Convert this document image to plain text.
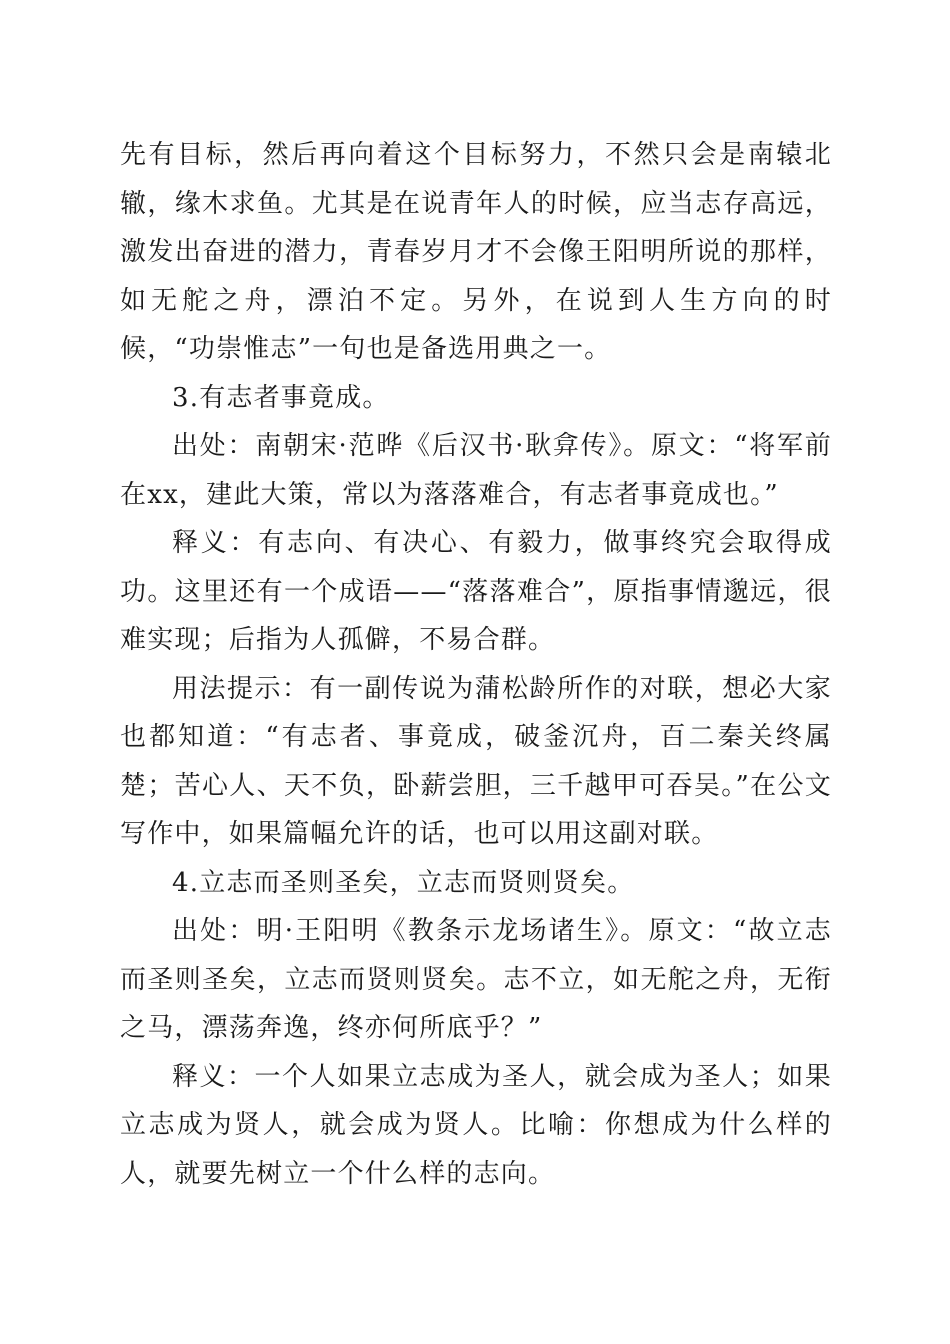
先有目标，然后再向着这个目标努力，不然只会是南辕北辙，缘木求鱼。尤其是在说青年人的时候，应当志存高远，激发出奋进的潜力，青春岁月才不会像王阳明所说的那样，如无舵之舟，漂泊不定。另外，在说到人生方向的时候，“功崇惟志”一句也是备选用典之一。

3.有志者事竟成。

出处：南朝宋·范晔《后汉书·耿弇传》。原文：“将军前在xx，建此大策，常以为落落难合，有志者事竟成也。”

释义：有志向、有决心、有毅力，做事终究会取得成功。这里还有一个成语——“落落难合”，原指事情邈远，很难实现；后指为人孤僻，不易合群。

用法提示：有一副传说为蒲松龄所作的对联，想必大家也都知道：“有志者、事竟成，破釜沉舟，百二秦关终属楚；苦心人、天不负，卧薪尝胆，三千越甲可吞吴。”在公文写作中，如果篇幅允许的话，也可以用这副对联。

4.立志而圣则圣矣，立志而贤则贤矣。

出处：明·王阳明《教条示龙场诸生》。原文：“故立志而圣则圣矣，立志而贤则贤矣。志不立，如无舵之舟，无衔之马，漂荡奔逸，终亦何所底乎？”

释义：一个人如果立志成为圣人，就会成为圣人；如果立志成为贤人，就会成为贤人。比喻：你想成为什么样的人，就要先树立一个什么样的志向。
